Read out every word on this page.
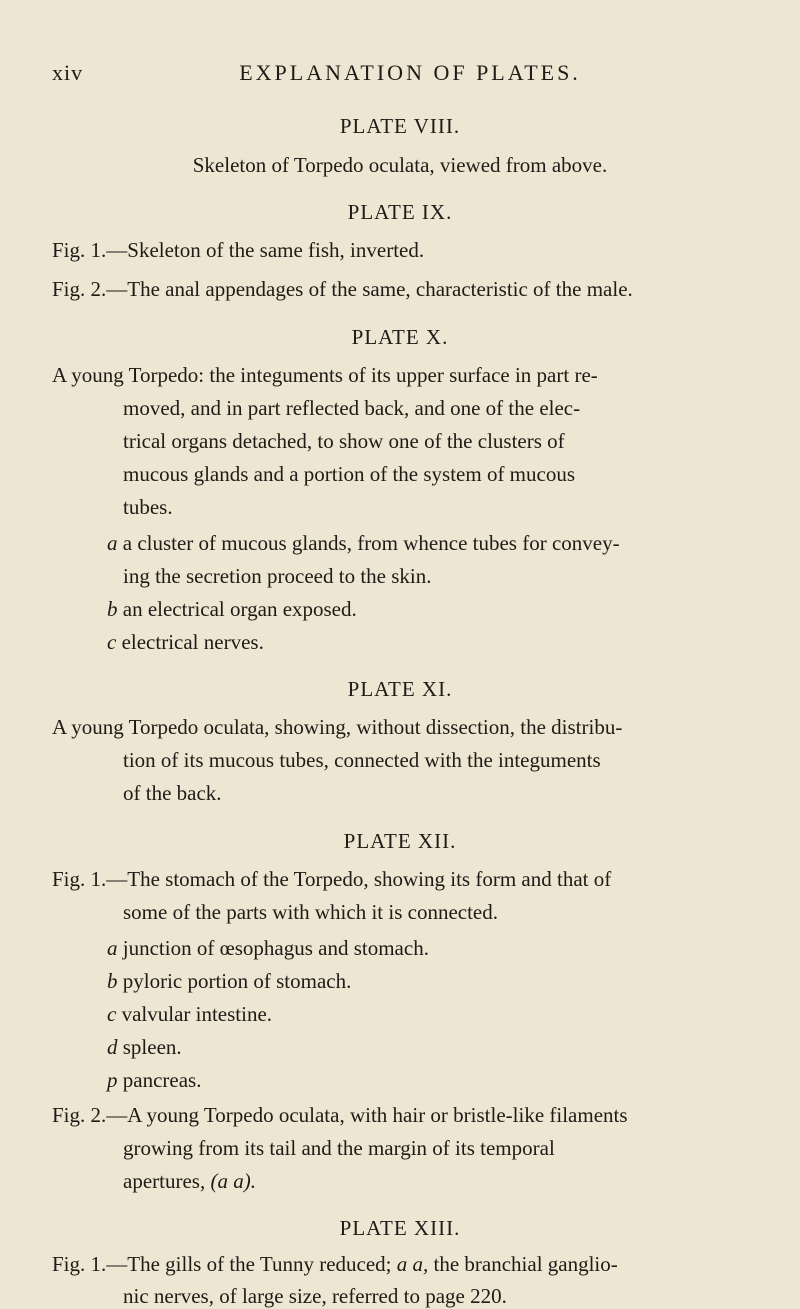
xiv	EXPLANATION OF PLATES.
PLATE VIII.
Skeleton of Torpedo oculata, viewed from above.
PLATE IX.
Fig. 1.—Skeleton of the same fish, inverted.
Fig. 2.—The anal appendages of the same, characteristic of the male.
PLATE X.
A young Torpedo: the integuments of its upper surface in part re-
moved, and in part reflected back, and one of the elec-
trical organs detached, to show one of the clusters of
mucous glands and a portion of the system of mucous
tubes.
a a cluster of mucous glands, from whence tubes for convey-
ing the secretion proceed to the skin.
b an electrical organ exposed.
c electrical nerves.
PLATE XI.
A young Torpedo oculata, showing, without dissection, the distribu-
tion of its mucous tubes, connected with the integuments
of the back.
PLATE XII.
Fig. 1.—The stomach of the Torpedo, showing its form and that of
some of the parts with which it is connected.
a junction of œsophagus and stomach.
b pyloric portion of stomach.
c valvular intestine.
d spleen.
p pancreas.
Fig. 2.—A young Torpedo oculata, with hair or bristle-like filaments
growing from its tail and the margin of its temporal
apertures, (a a).
PLATE XIII.
Fig. 1.—The gills of the Tunny reduced; a a, the branchial ganglio-
nic nerves, of large size, referred to page 220.
